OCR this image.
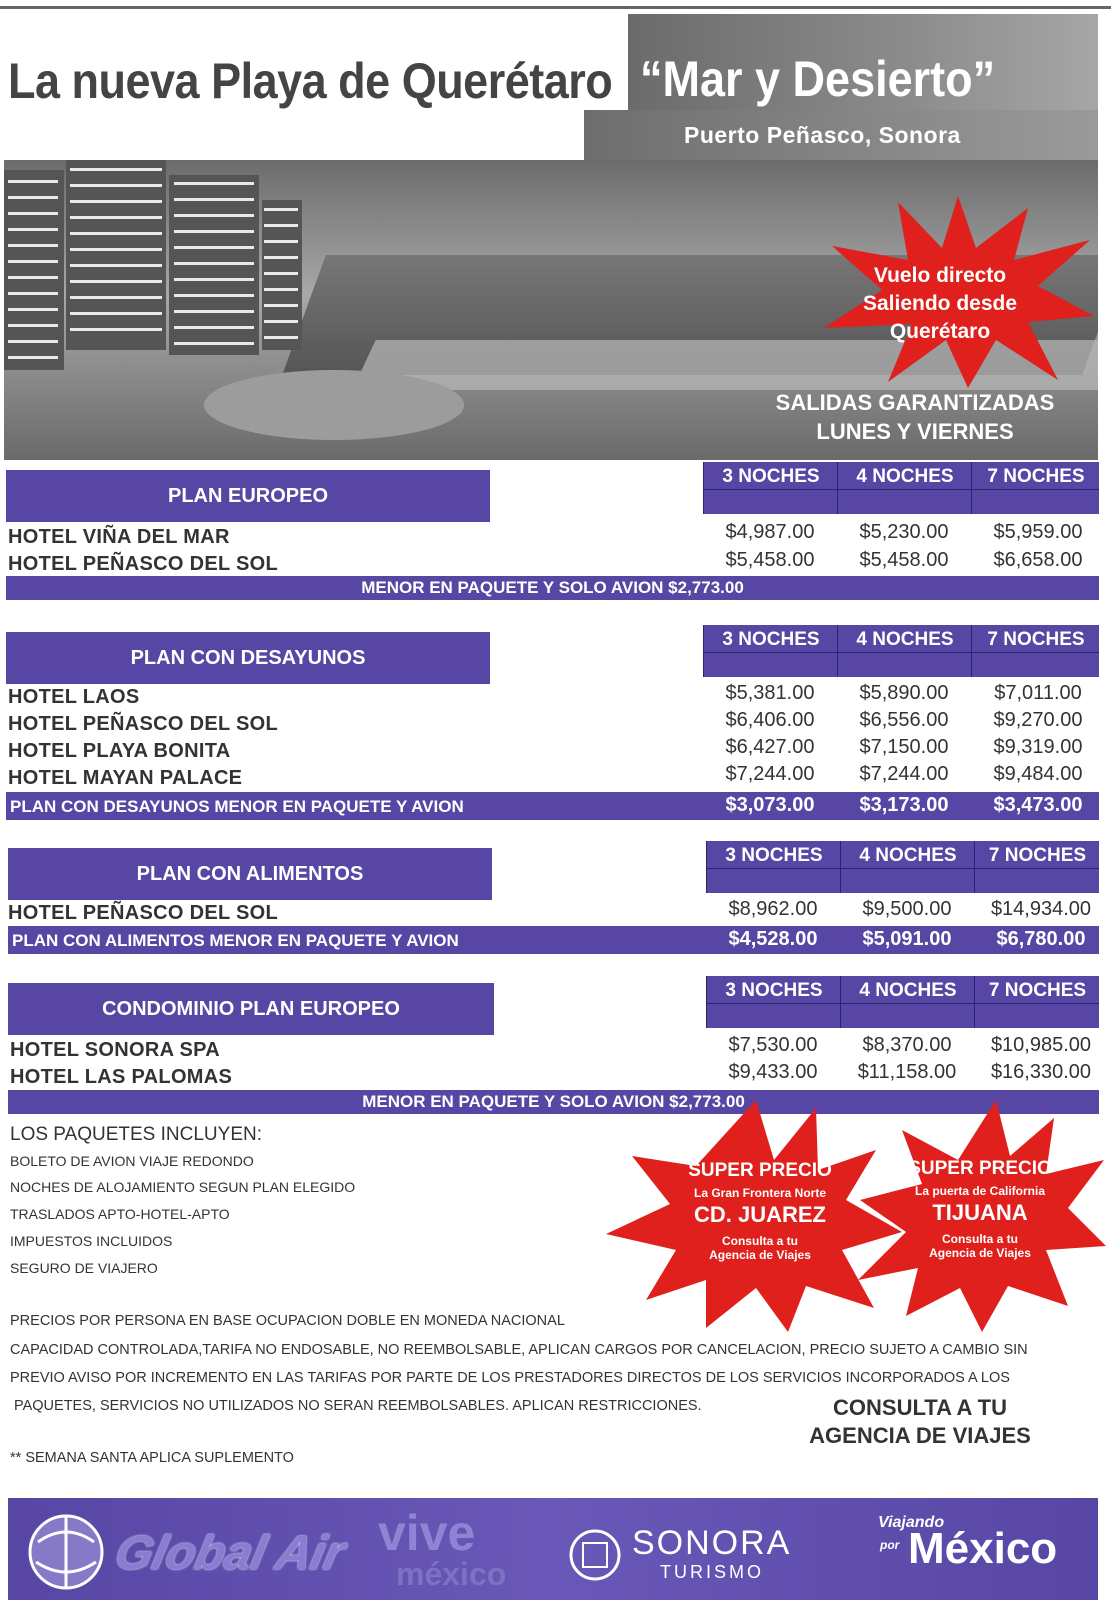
La nueva Playa de Querétaro “Mar y Desierto”
Puerto Peñasco, Sonora
Vuelo directo
Saliendo desde
Querétaro
SALIDAS GARANTIZADAS
LUNES Y VIERNES
PLAN EUROPEO
3 NOCHES	4 NOCHES	7 NOCHES
HOTEL VIÑA DEL MAR	$4,987.00	$5,230.00	$5,959.00
HOTEL PEÑASCO DEL SOL	$5,458.00	$5,458.00	$6,658.00
MENOR EN PAQUETE Y SOLO AVION $2,773.00
PLAN CON DESAYUNOS
3 NOCHES	4 NOCHES	7 NOCHES
HOTEL LAOS	$5,381.00	$5,890.00	$7,011.00
HOTEL PEÑASCO DEL SOL	$6,406.00	$6,556.00	$9,270.00
HOTEL PLAYA BONITA	$6,427.00	$7,150.00	$9,319.00
HOTEL MAYAN PALACE	$7,244.00	$7,244.00	$9,484.00
PLAN CON DESAYUNOS MENOR EN PAQUETE Y AVION	$3,073.00	$3,173.00	$3,473.00
PLAN CON ALIMENTOS
3 NOCHES	4 NOCHES	7 NOCHES
HOTEL PEÑASCO DEL SOL	$8,962.00	$9,500.00	$14,934.00
PLAN CON ALIMENTOS MENOR EN PAQUETE Y AVION	$4,528.00	$5,091.00	$6,780.00
CONDOMINIO PLAN EUROPEO
3 NOCHES	4 NOCHES	7 NOCHES
HOTEL SONORA SPA	$7,530.00	$8,370.00	$10,985.00
HOTEL LAS PALOMAS	$9,433.00	$11,158.00	$16,330.00
MENOR EN PAQUETE Y SOLO AVION $2,773.00
LOS PAQUETES INCLUYEN:
BOLETO DE AVION VIAJE REDONDO
NOCHES DE ALOJAMIENTO SEGUN PLAN ELEGIDO
TRASLADOS APTO-HOTEL-APTO
IMPUESTOS INCLUIDOS
SEGURO DE VIAJERO
SUPER PRECIO
La Gran Frontera Norte
CD. JUAREZ
Consulta a tu
Agencia de Viajes
SUPER PRECIO
La puerta de California
TIJUANA
Consulta a tu
Agencia de Viajes
PRECIOS POR PERSONA EN BASE OCUPACION DOBLE EN MONEDA NACIONAL
CAPACIDAD CONTROLADA,TARIFA NO ENDOSABLE, NO REEMBOLSABLE, APLICAN CARGOS POR CANCELACION, PRECIO SUJETO A CAMBIO SIN
PREVIO AVISO POR INCREMENTO EN LAS TARIFAS POR PARTE DE LOS PRESTADORES DIRECTOS DE LOS SERVICIOS INCORPORADOS A LOS
PAQUETES, SERVICIOS NO UTILIZADOS NO SERAN REEMBOLSABLES. APLICAN RESTRICCIONES.
** SEMANA SANTA APLICA SUPLEMENTO
CONSULTA A TU
AGENCIA DE VIAJES
Global Air vive
méxico
SONORA
TURISMO
Viajando
por México
